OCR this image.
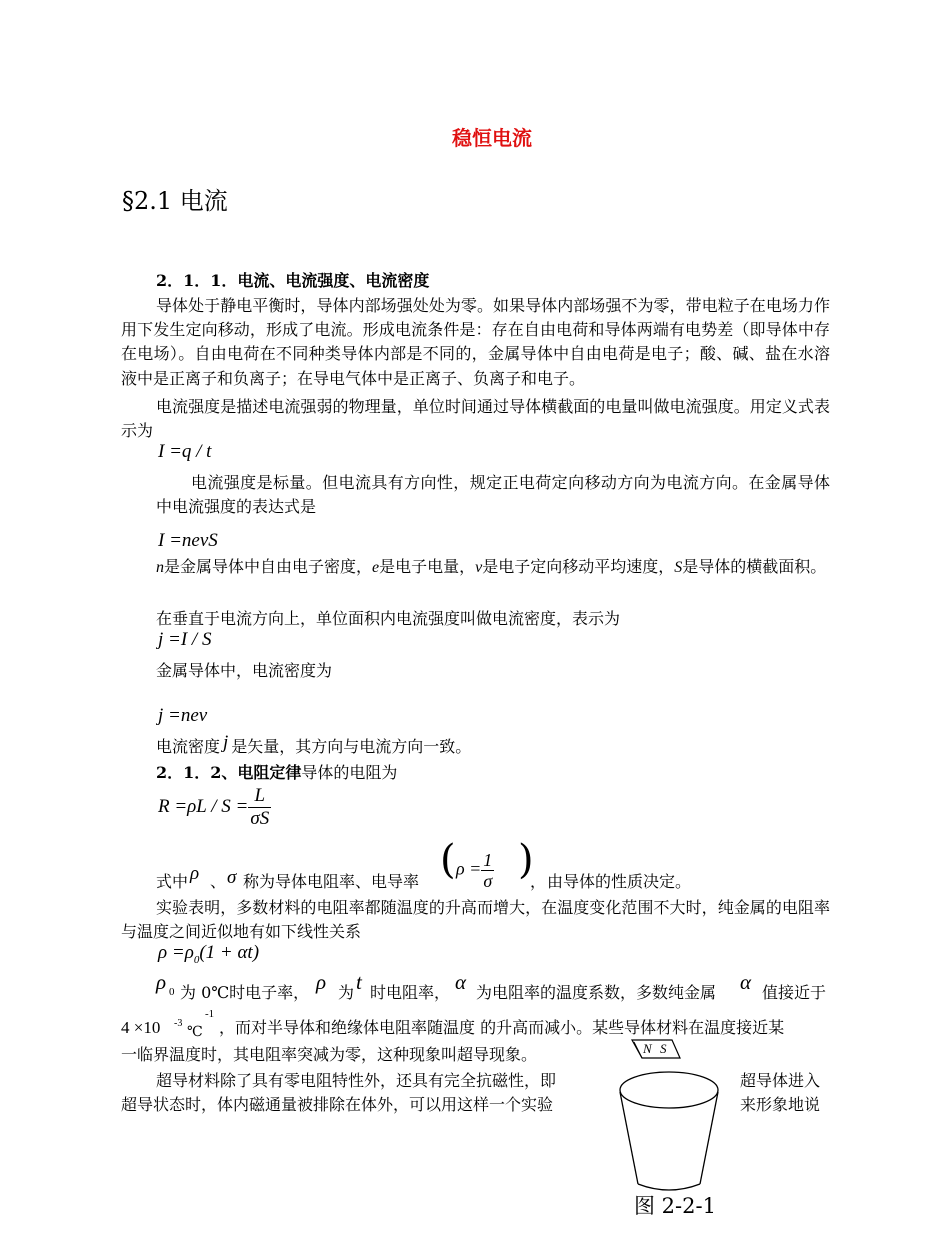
稳恒电流
§2.1 电流
2．1．1．电流、电流强度、电流密度
导体处于静电平衡时，导体内部场强处处为零。如果导体内部场强不为零，带电粒子在电场力作用下发生定向移动，形成了电流。形成电流条件是：存在自由电荷和导体两端有电势差（即导体中存在电场）。自由电荷在不同种类导体内部是不同的，金属导体中自由电荷是电子；酸、碱、盐在水溶液中是正离子和负离子；在导电气体中是正离子、负离子和电子。
电流强度是描述电流强弱的物理量，单位时间通过导体横截面的电量叫做电流强度。用定义式表示为
I =q / t
电流强度是标量。但电流具有方向性，规定正电荷定向移动方向为电流方向。在金属导体中电流强度的表达式是
I =nevS
n是金属导体中自由电子密度，e是电子电量，v是电子定向移动平均速度，S是导体的横截面积。
在垂直于电流方向上，单位面积内电流强度叫做电流密度，表示为
j =I / S
金属导体中，电流密度为
j =nev
电流密度 j 是矢量，其方向与电流方向一致。
2．1．2、电阻定律导体的电阻为
$R =\rho L / S = \frac{L}{\sigma S}$
式中 ρ 、 σ 称为导体电阻率、电导率 ( $\rho = \frac{1}{\sigma}$ )
， 由导体的性质决定。
实验表明，多数材料的电阻率都随温度的升高而增大，在温度变化范围不大时，纯金属的电阻率与温度之间近似地有如下线性关系
$\rho =\rho_0(1 + \alpha t)$
ρ 0 为 0℃时电子率， ρ 为 t 时电阻率， α 为电阻率的温度系数，多数纯金属 α 值接近于
4 ×10 -3
℃
-1
，而对半导体和绝缘体电阻率随温度 的升高而减小。某些导体材料在温度接近某
一临界温度时，其电阻率突减为零，这种现象叫超导现象。
超导材料除了具有零电阻特性外，还具有完全抗磁性，即	超导体进入
超导状态时，体内磁通量被排除在体外，可以用这样一个实验	来形象地说
N S
图 2-2-1
